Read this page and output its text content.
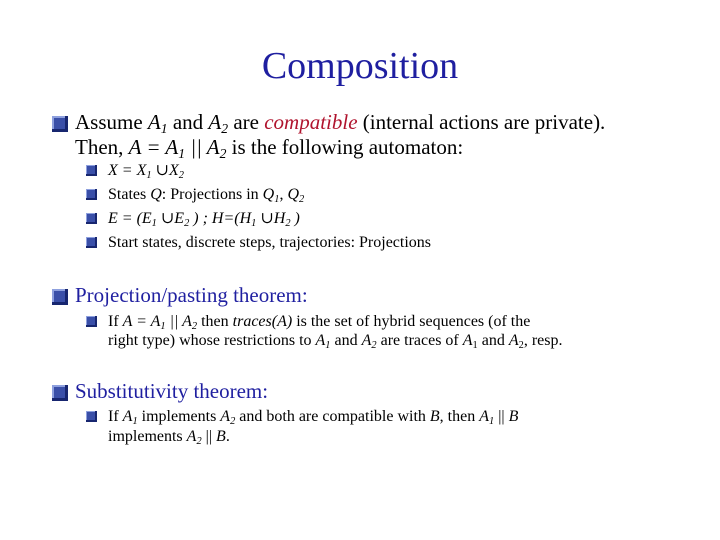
Composition
Assume $A_1$ and $A_2$ are compatible (internal actions are private).
Then, $A = A_1$ || $A_2$ is the following automaton:
$X = X_1$ $\cup X_2$
States Q: Projections in $Q_1$, $Q_2$
$E = (E_1$ $\cup E_2$ ) ; $H=(H_1$ $\cup H_2$ )
Start states, discrete steps, trajectories: Projections
Projection/pasting theorem:
If $A = A_1$ || $A_2$ then traces(A) is the set of hybrid sequences (of the
right type) whose restrictions to $A_1$ and $A_2$ are traces of $A_1$ and $A_2$, resp.
Substitutivity theorem:
If $A_1$ implements $A_2$ and both are compatible with B, then $A_1$ || B
implements $A_2$ || B.
